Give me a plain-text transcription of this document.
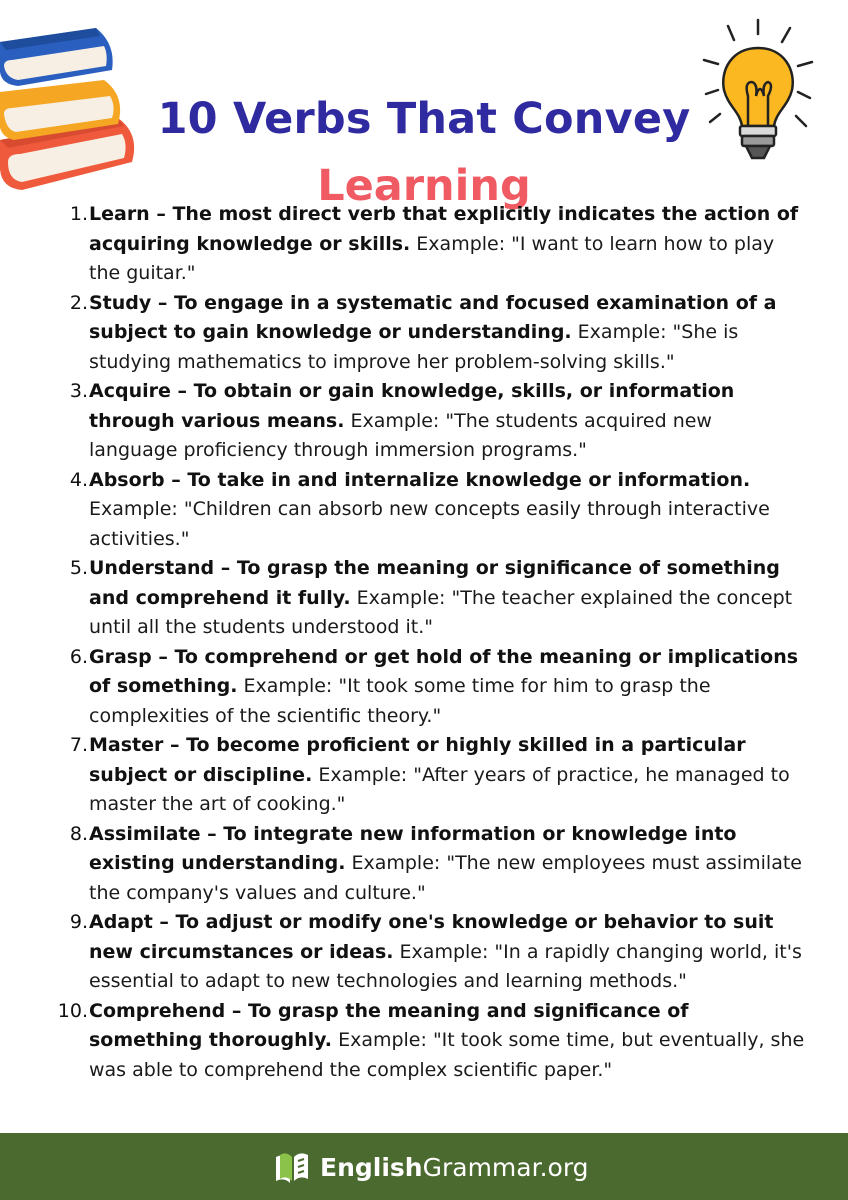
10 Verbs That Convey
Learning
1. Learn – The most direct verb that explicitly indicates the action of acquiring knowledge or skills. Example: "I want to learn how to play the guitar."

2. Study – To engage in a systematic and focused examination of a subject to gain knowledge or understanding. Example: "She is studying mathematics to improve her problem-solving skills."

3. Acquire – To obtain or gain knowledge, skills, or information through various means. Example: "The students acquired new language proficiency through immersion programs."

4. Absorb – To take in and internalize knowledge or information. Example: "Children can absorb new concepts easily through interactive activities."

5. Understand – To grasp the meaning or significance of something and comprehend it fully. Example: "The teacher explained the concept until all the students understood it."

6. Grasp – To comprehend or get hold of the meaning or implications of something. Example: "It took some time for him to grasp the complexities of the scientific theory."

7. Master – To become proficient or highly skilled in a particular subject or discipline. Example: "After years of practice, he managed to master the art of cooking."

8. Assimilate – To integrate new information or knowledge into existing understanding. Example: "The new employees must assimilate the company's values and culture."

9. Adapt – To adjust or modify one's knowledge or behavior to suit new circumstances or ideas. Example: "In a rapidly changing world, it's essential to adapt to new technologies and learning methods."

10. Comprehend – To grasp the meaning and significance of something thoroughly. Example: "It took some time, but eventually, she was able to comprehend the complex scientific paper."

EnglishGrammar.org
